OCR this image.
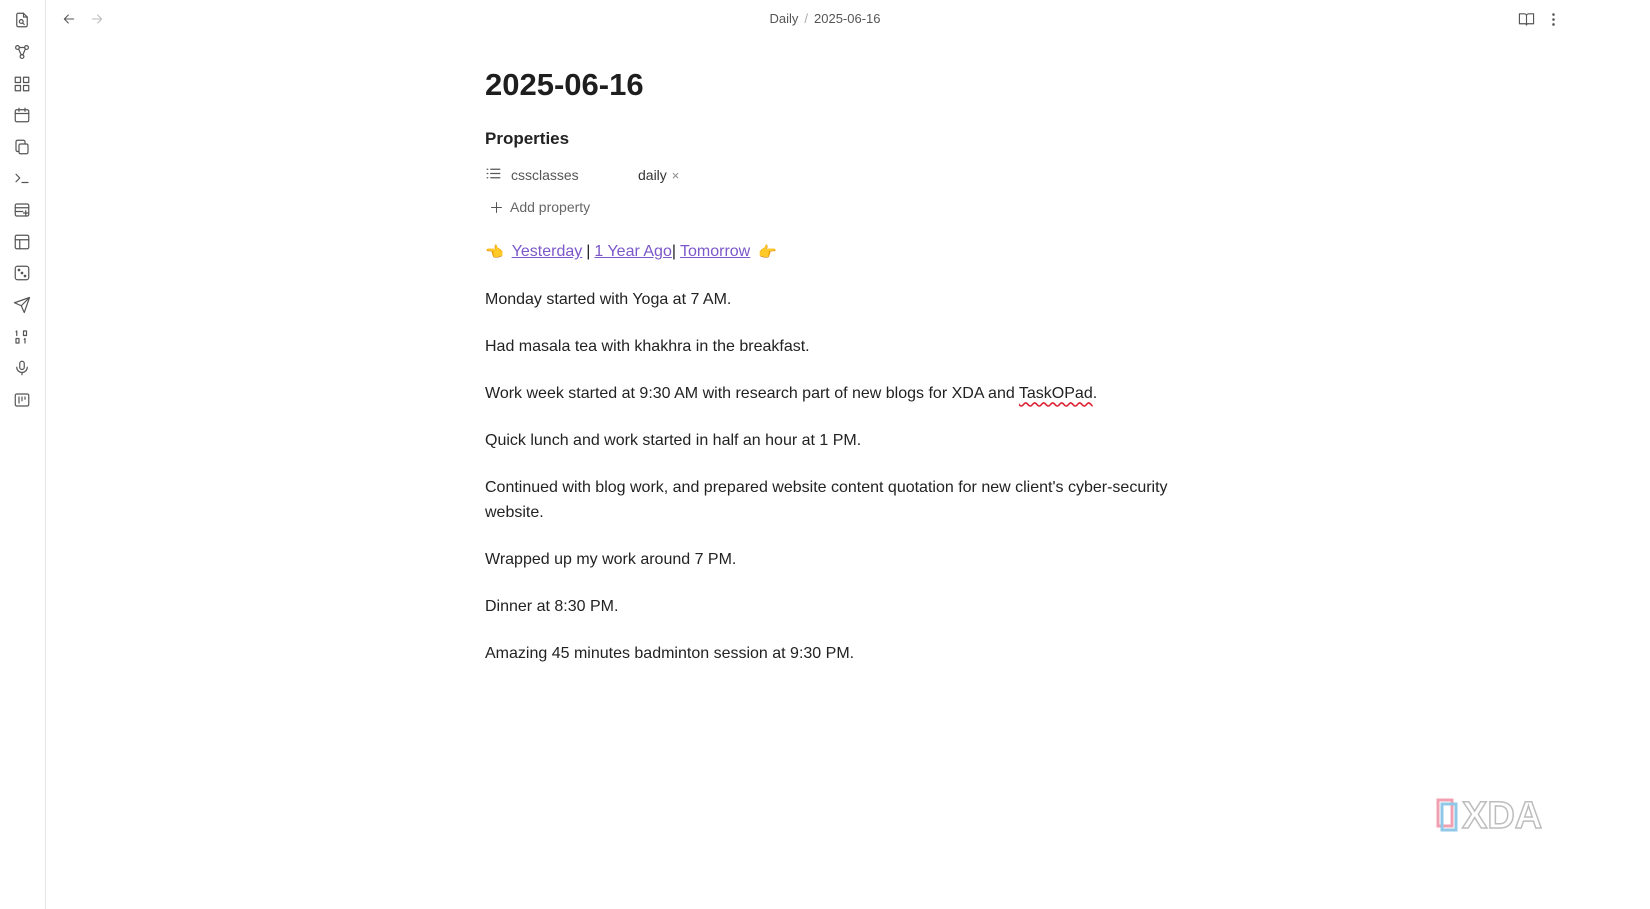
Daily / 2025-06-16
2025-06-16
Properties
cssclasses	daily ×
Add property
👈 Yesterday | 1 Year Ago | Tomorrow 👉

Monday started with Yoga at 7 AM.

Had masala tea with khakhra in the breakfast.

Work week started at 9:30 AM with research part of new blogs for XDA and TaskOPad.

Quick lunch and work started in half an hour at 1 PM.

Continued with blog work, and prepared website content quotation for new client's cyber-security website.

Wrapped up my work around 7 PM.

Dinner at 8:30 PM.

Amazing 45 minutes badminton session at 9:30 PM.

XDA
